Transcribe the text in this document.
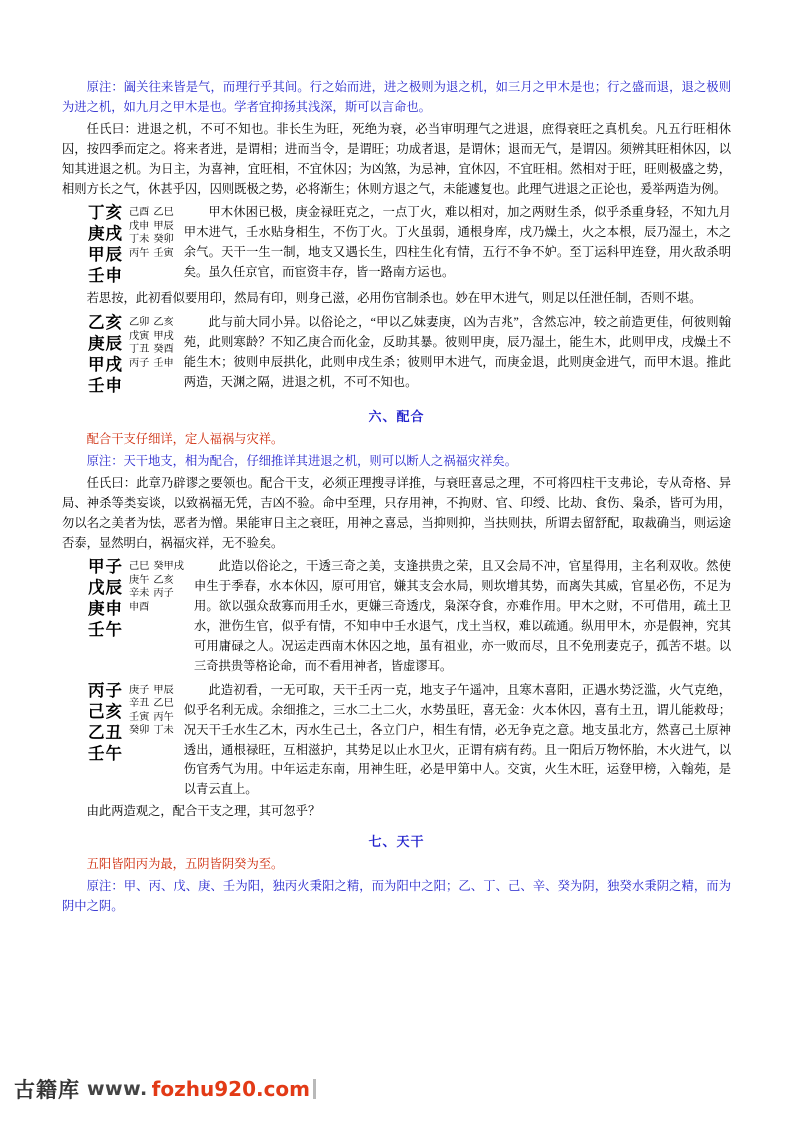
原注：阖关往来皆是气，而理行乎其间。行之始而进，进之极则为退之机，如三月之甲木是也；行之盛而退，退之极则为进之机，如九月之甲木是也。学者宜抑扬其浅深，斯可以言命也。

任氏曰：进退之机，不可不知也。非长生为旺，死绝为衰，必当审明理气之进退，庶得衰旺之真机矣。凡五行旺相休囚，按四季而定之。将来者进，是谓相；进而当令，是谓旺；功成者退，是谓休；退而无气，是谓囚。须辨其旺相休囚，以知其进退之机。为日主，为喜神，宜旺相，不宜休囚；为凶煞，为忌神，宜休囚，不宜旺相。然相对于旺，旺则极盛之势，相则方长之气，休甚乎囚，囚则既极之势，必将渐生；休则方退之气，未能遽复也。此理气进退之正论也，爰举两造为例。

丁亥
庚戌
甲辰
壬申
己酉
戊申
丁未
丙午
乙巳
甲辰
癸卯
壬寅

甲木休困已极，庚金禄旺克之，一点丁火，难以相对，加之两财生杀，似乎杀重身轻，不知九月甲木进气，壬水贴身相生，不伤丁火。丁火虽弱，通根身库，戌乃燥土，火之本根，辰乃湿土，木之余气。天干一生一制，地支又遇长生，四柱生化有情，五行不争不妒。至丁运科甲连登，用火敌杀明矣。虽久任京官，而宦资丰存，皆一路南方运也。

若思按，此初看似要用印，然局有印，则身己滋，必用伤官制杀也。妙在甲木进气，则足以任泄任制，否则不堪。

乙亥
庚辰
甲戌
壬申
乙卯
戊寅
丁丑
丙子
乙亥
甲戌
癸酉
壬申

此与前大同小异。以俗论之，“甲以乙妹妻庚，凶为吉兆”，含然忘冲，较之前造更佳，何彼则翰苑，此则寒龄？不知乙庚合而化金，反助其暴。彼则甲庚，辰乃湿土，能生木，此则甲戌，戌燥土不能生木；彼则申辰拱化，此则申戌生杀；彼则甲木进气，而庚金退，此则庚金进气，而甲木退。推此两造，天渊之隔，进退之机，不可不知也。

六、配合

配合干支仔细详，定人福祸与灾祥。

原注：天干地支，相为配合，仔细推详其进退之机，则可以断人之祸福灾祥矣。

任氏曰：此章乃辟谬之要领也。配合干支，必须正理搜寻详推，与衰旺喜忌之理，不可将四柱干支弗论，专从奇格、异局、神杀等类妄谈，以致祸福无凭，吉凶不验。命中至理，只存用神，不拘财、官、印绶、比劫、食伤、枭杀，皆可为用，勿以名之美者为怯，恶者为憎。果能审日主之衰旺，用神之喜忌，当抑则抑，当扶则扶，所谓去留舒配，取裁确当，则运途否泰，显然明白，祸福灾祥，无不验矣。

甲子
戊辰
庚申
壬午
己巳
庚午
辛未
申酉
癸甲戌
乙亥
丙子

此造以俗论之，干透三奇之美，支逢拱贵之荣，且又会局不冲，官星得用，主名利双收。然使申生于季春，水本休囚，原可用官，嫌其支会水局，则坎增其势，而离失其威，官星必伤，不足为用。欲以强众敌寡而用壬水，更嫌三奇透戊，枭深夺食，亦难作用。甲木之财，不可借用，疏土卫水，泄伤生官，似乎有情，不知申中壬水退气，戊土当权，难以疏通。纵用甲木，亦是假神，究其可用庸碌之人。况运走西南木休囚之地，虽有祖业，亦一败而尽，且不免刑妻克子，孤苦不堪。以三奇拱贵等格论命，而不看用神者，皆虚谬耳。

丙子
己亥
乙丑
壬午
庚子
辛丑
壬寅
癸卯
甲辰
乙巳
丙午
丁未

此造初看，一无可取，天干壬丙一克，地支子午遥冲，且寒木喜阳，正遇水势泛滥，火气克绝，似乎名利无成。余细推之，三水二土二火，水势虽旺，喜无金：火本休囚，喜有土丑，谓儿能救母；况天干壬水生乙木，丙水生己土，各立门户，相生有情，必无争克之意。地支虽北方，然喜己土原神透出，通根禄旺，互相滋护，其势足以止水卫火，正谓有病有药。且一阳后万物怀胎，木火进气，以伤官秀气为用。中年运走东南，用神生旺，必是甲第中人。交寅，火生木旺，运登甲榜，入翰苑，是以青云直上。

由此两造观之，配合干支之理，其可忽乎？

七、天干

五阳皆阳丙为最，五阴皆阴癸为至。

原注：甲、丙、戊、庚、壬为阳，独丙火秉阳之精，而为阳中之阳；乙、丁、己、辛、癸为阴，独癸水秉阴之精，而为阴中之阴。

古籍库 www. fozhu920.com
